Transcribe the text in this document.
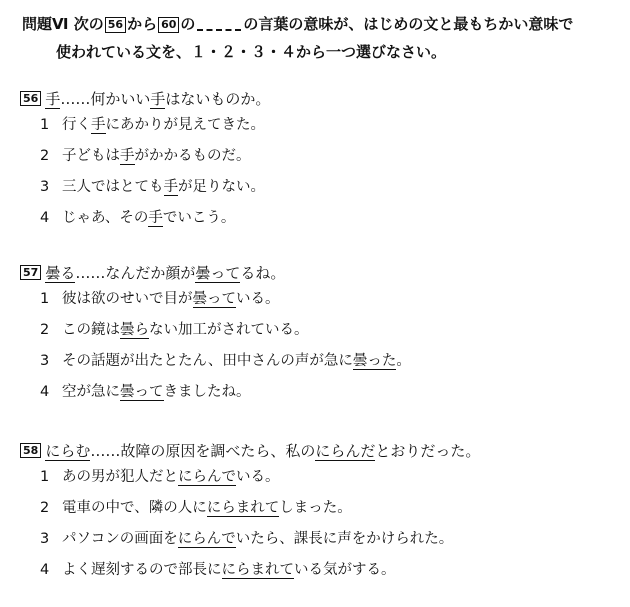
問題Ⅵ 次の 56 から 60 の	の言葉の意味が、はじめの文と最もちかい意味で
使われている文を、１・２・３・４から一つ選びなさい。
56 手……何かいい手はないものか。
1 行く手にあかりが見えてきた。
2 子どもは手がかかるものだ。
3 三人ではとても手が足りない。
4 じゃあ、その手でいこう。
57 曇る……なんだか顔が曇ってるね。
1 彼は欲のせいで目が曇っている。
2 この鏡は曇らない加工がされている。
3 その話題が出たとたん、田中さんの声が急に曇った。
4 空が急に曇ってきましたね。
58 にらむ……故障の原因を調べたら、私のにらんだとおりだった。
1 あの男が犯人だとにらんでいる。
2 電車の中で、隣の人ににらまれてしまった。
3 パソコンの画面をにらんでいたら、課長に声をかけられた。
4 よく遅刻するので部長ににらまれている気がする。
